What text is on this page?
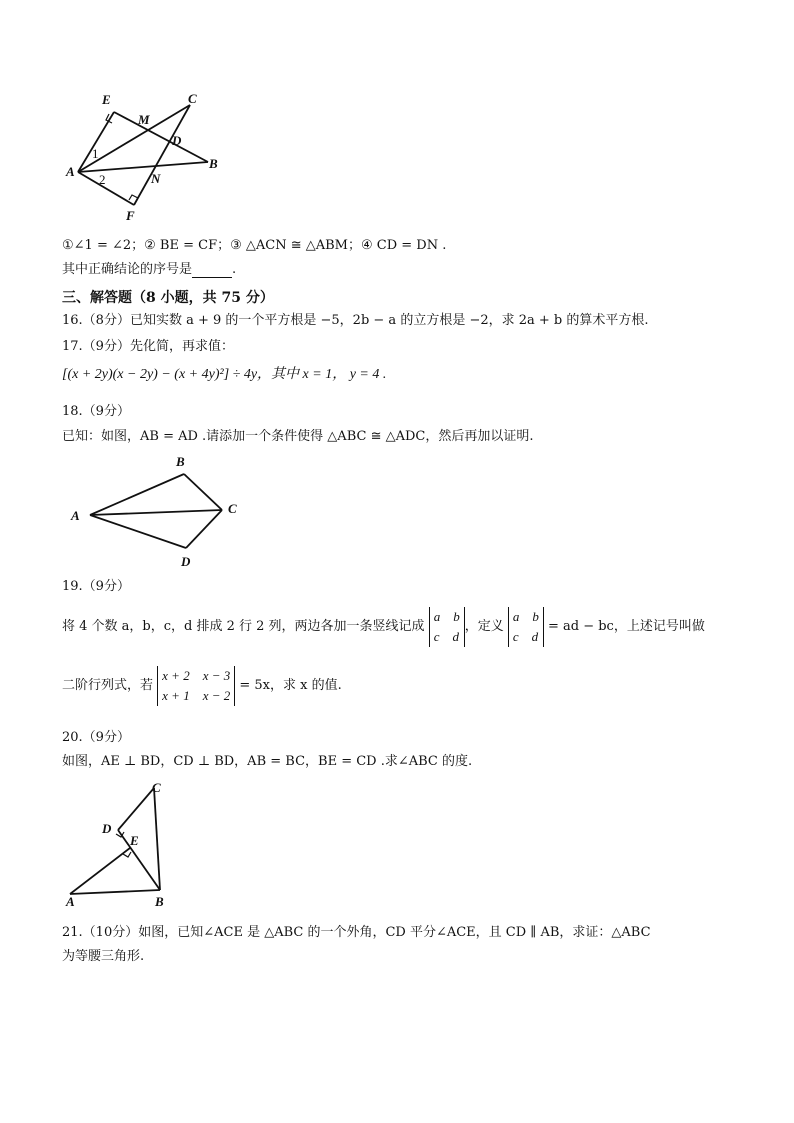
E	C
M
D
1
A
2	N
B
F
①∠1 = ∠2；② BE = CF；③ △ACN ≅ △ABM；④ CD = DN .
其中正确结论的序号是	.
三、解答题（8 小题，共 75 分）
16.（8分）已知实数 a + 9 的一个平方根是 −5，2b − a 的立方根是 −2，求 2a + b 的算术平方根.
17.（9分）先化简，再求值：
[(x + 2y)(x − 2y) − (x + 4y)²] ÷ 4y，其中 x = 1， y = 4 .
18.（9分）
已知：如图，AB = AD .请添加一个条件使得 △ABC ≅ △ADC，然后再加以证明.
B
A	C
D
19.（9分）
将 4 个数 a，b，c，d 排成 2 行 2 列，两边各加一条竖线记成
a    b
c    d
，定义
a    b
c    d
= ad − bc，上述记号叫做
二阶行列式，若
x + 2    x − 3
x + 1    x − 2
= 5x，求 x 的值.
20.（9分）
如图，AE ⊥ BD，CD ⊥ BD，AB = BC，BE = CD .求∠ABC 的度.
C
D
E
A	B
21.（10分）如图，已知∠ACE 是 △ABC 的一个外角，CD 平分∠ACE，且 CD ∥ AB，求证：△ABC
为等腰三角形.
